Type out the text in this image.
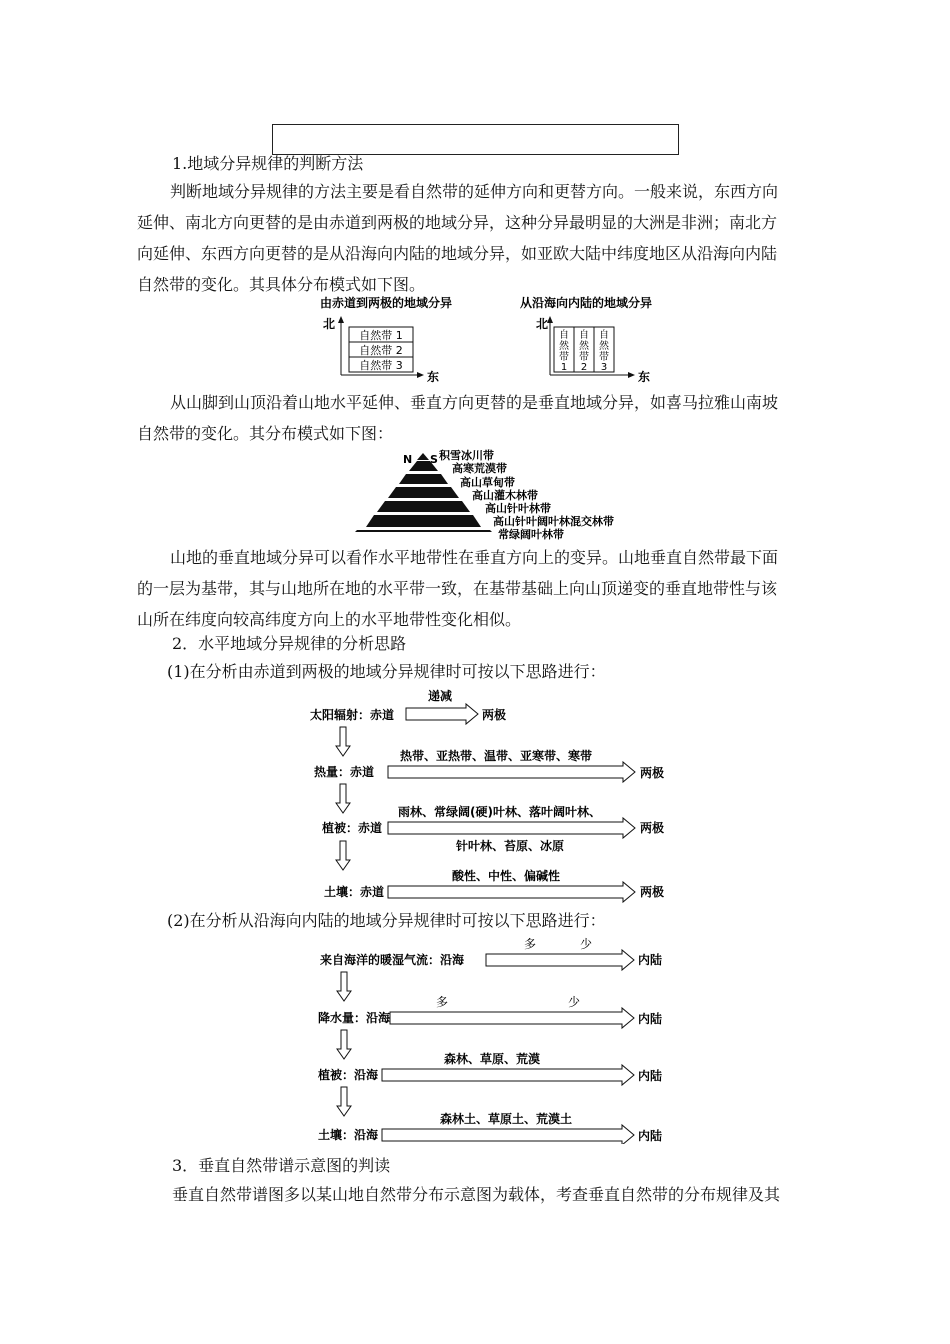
1.地域分异规律的判断方法
判断地域分异规律的方法主要是看自然带的延伸方向和更替方向。一般来说，东西方向
延伸、南北方向更替的是由赤道到两极的地域分异，这种分异最明显的大洲是非洲；南北方
向延伸、东西方向更替的是从沿海向内陆的地域分异，如亚欧大陆中纬度地区从沿海向内陆
自然带的变化。其具体分布模式如下图。
由赤道到两极的地域分异
北
东
自然带 1
自然带 2
自然带 3
从沿海向内陆的地域分异
北
东
自
然
带
1
自
然
带
2
自
然
带
3
从山脚到山顶沿着山地水平延伸、垂直方向更替的是垂直地域分异，如喜马拉雅山南坡
自然带的变化。其分布模式如下图：
N S 积雪冰川带
高寒荒漠带
高山草甸带
高山灌木林带
高山针叶林带
高山针叶阔叶林混交林带
常绿阔叶林带
山地的垂直地域分异可以看作水平地带性在垂直方向上的变异。山地垂直自然带最下面
的一层为基带，其与山地所在地的水平带一致，在基带基础上向山顶递变的垂直地带性与该
山所在纬度向较高纬度方向上的水平地带性变化相似。
2．水平地域分异规律的分析思路
(1)在分析由赤道到两极的地域分异规律时可按以下思路进行：
太阳辐射：赤道
递减
两极
热量：赤道
热带、亚热带、温带、亚寒带、寒带
两极
植被：赤道
雨林、常绿阔(硬)叶林、落叶阔叶林、
针叶林、苔原、冰原
两极
土壤：赤道
酸性、中性、偏碱性
两极
(2)在分析从沿海向内陆的地域分异规律时可按以下思路进行：
来自海洋的暖湿气流：沿海
多	少
内陆
降水量：沿海
多	少
内陆
植被：沿海
森林、草原、荒漠
内陆
土壤：沿海
森林土、草原土、荒漠土
内陆
3．垂直自然带谱示意图的判读
垂直自然带谱图多以某山地自然带分布示意图为载体，考查垂直自然带的分布规律及其
